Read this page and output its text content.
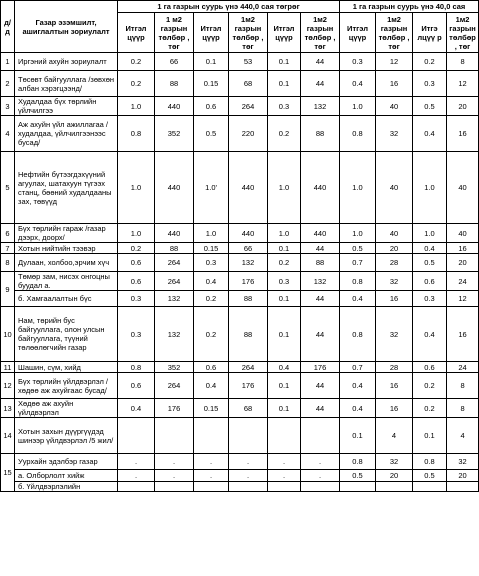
д/д	Газар эзэмшилт, ашиглалтын зориулалт	1 га газрын суурь үнэ 440,0 сая төгрөг						1 га газрын суурь үнэ 40,0 сая			
		Итгэл цүүр	1 м2 газрын төлбөр , төг	Итгэл цүүр	1м2 газрын төлбөр , төг	Итгэл цүүр	1м2 газрын төлбөр , төг	Итгэл цүүр	1м2 газрын төлбөр , төг	Итгэ лцүү р	1м2 газрын төлбөр , төг
1	Иргэний ахуйн зориулалт	0.2	66	0.1	53	0.1	44	0.3	12	0.2	8
2	Төсөвт байгууллага /зөвхөн албан хэрэгцээнд/	0.2	88	0.15	68	0.1	44	0.4	16	0.3	12
3	Худалдаа бүх төрлийн үйлчилгээ	1.0	440	0.6	264	0.3	132	1.0	40	0.5	20
4	Аж ахуйн үйл ажиллагаа /худалдаа, үйлчилгээнээс бусад/	0.8	352	0.5	220	0.2	88	0.8	32	0.4	16
5	Нефтийн бүтээгдэхүүний агуулах, шатахуун түгээх станц, бөөний худалдааны зах, төвүүд	1.0	440	1.0'	440	1.0	440	1.0	40	1.0	40
6	Бүх төрлийн гараж /газар дээрх, доорх/	1.0	440	1.0	440	1.0	440	1.0	40	1.0	40
7	Хотын нийтийн тээвэр	0.2	88	0.15	66	0.1	44	0.5	20	0.4	16
8	Дулаан, холбоо,эрчим хүч	0.6	264	0.3	132	0.2	88	0.7	28	0.5	20
9	Төмөр зам, нисэх онгоцны буудал а.	0.6	264	0.4	176	0.3	132	0.8	32	0.6	24
	б. Хамгаалалтын бүс	0.3	132	0.2	88	0.1	44	0.4	16	0.3	12
10	Нам, төрийн бус байгууллага, олон улсын байгууллага, түүний төлөөлөгчийн газар	0.3	132	0.2	88	0.1	44	0.8	32	0.4	16
11	Шашин, сүм, хийд	0.8	352	0.6	264	0.4	176	0.7	28	0.6	24
12	Бүх төрлийн үйлдвэрлэл /хөдөө аж ахуйгаас бусад/	0.6	264	0.4	176	0.1	44	0.4	16	0.2	8
13	Хөдөө аж ахуйн үйлдвэрлэл	0.4	176	0.15	68	0.1	44	0.4	16	0.2	8
14	Хотын захын дүүргүүдэд шинээр үйлдвэрлэл /5 жил/							0.1	4	0.1	4
15	Уурхайн эдэлбэр газар	.	.	.	.	.	.	0.8	32	0.8	32
	а. Олборлолт хийж	.	.	.	.	.	.	0.5	20	0.5	20
	б. Үйлдвэрлэлийн										
